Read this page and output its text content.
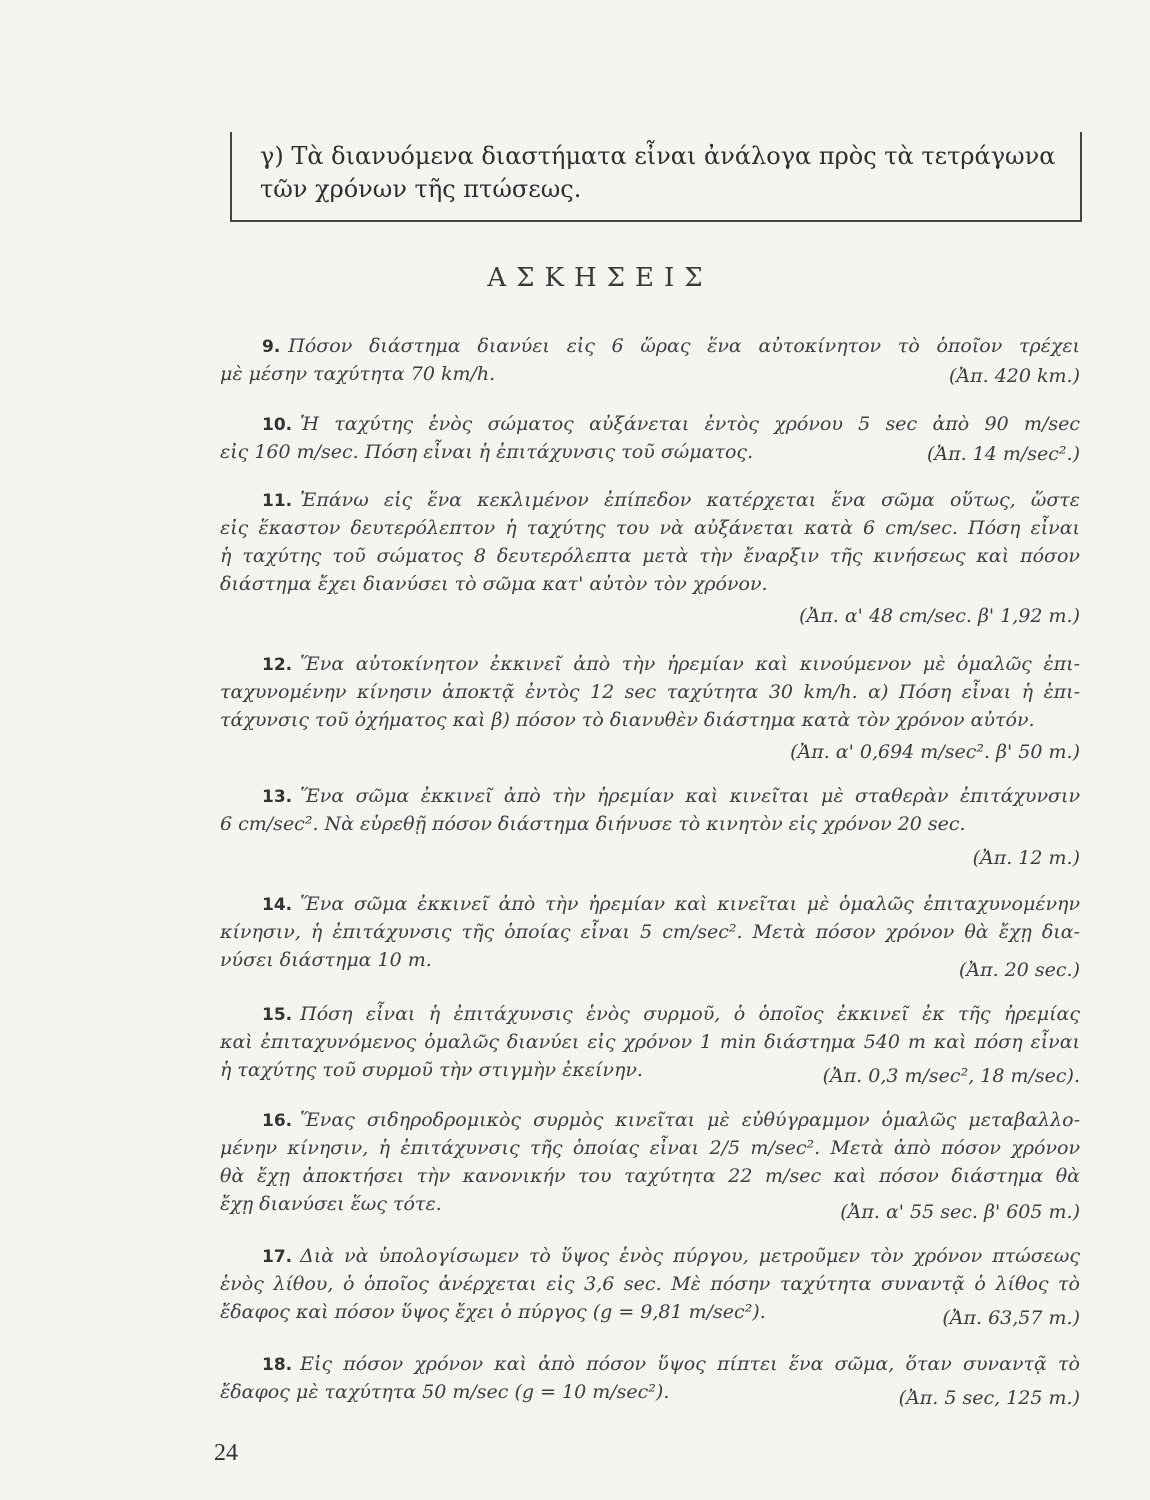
γ) Τὰ διανυόμενα διαστήματα εἶναι ἀνάλογα πρὸς τὰ τετράγωνα
τῶν χρόνων τῆς πτώσεως.
ΑΣΚΗΣΕΙΣ
9. Πόσον διάστημα διανύει εἰς 6 ὥρας ἕνα αὐτοκίνητον τὸ ὁποῖον τρέχει
μὲ μέσην ταχύτητα 70 km/h.	(Ἀπ. 420 km.)
10. Ἡ ταχύτης ἑνὸς σώματος αὐξάνεται ἐντὸς χρόνου 5 sec ἀπὸ 90 m/sec
εἰς 160 m/sec. Πόση εἶναι ἡ ἐπιτάχυνσις τοῦ σώματος.	(Ἀπ. 14 m/sec².)
11. Ἐπάνω εἰς ἕνα κεκλιμένον ἐπίπεδον κατέρχεται ἕνα σῶμα οὕτως, ὥστε
εἰς ἕκαστον δευτερόλεπτον ἡ ταχύτης του νὰ αὐξάνεται κατὰ 6 cm/sec. Πόση εἶναι
ἡ ταχύτης τοῦ σώματος 8 δευτερόλεπτα μετὰ τὴν ἔναρξιν τῆς κινήσεως καὶ πόσον
διάστημα ἔχει διανύσει τὸ σῶμα κατ' αὐτὸν τὸν χρόνον.
(Ἀπ. α' 48 cm/sec. β' 1,92 m.)
12. Ἕνα αὐτοκίνητον ἐκκινεῖ ἀπὸ τὴν ἠρεμίαν καὶ κινούμενον μὲ ὁμαλῶς ἐπι-
ταχυνομένην κίνησιν ἀποκτᾷ ἐντὸς 12 sec ταχύτητα 30 km/h. α) Πόση εἶναι ἡ ἐπι-
τάχυνσις τοῦ ὀχήματος καὶ β) πόσον τὸ διανυθὲν διάστημα κατὰ τὸν χρόνον αὐτόν.
(Ἀπ. α' 0,694 m/sec². β' 50 m.)
13. Ἕνα σῶμα ἐκκινεῖ ἀπὸ τὴν ἠρεμίαν καὶ κινεῖται μὲ σταθερὰν ἐπιτάχυνσιν
6 cm/sec². Νὰ εὑρεθῇ πόσον διάστημα διήνυσε τὸ κινητὸν εἰς χρόνον 20 sec.
(Ἀπ. 12 m.)
14. Ἕνα σῶμα ἐκκινεῖ ἀπὸ τὴν ἠρεμίαν καὶ κινεῖται μὲ ὁμαλῶς ἐπιταχυνομένην
κίνησιν, ἡ ἐπιτάχυνσις τῆς ὁποίας εἶναι 5 cm/sec². Μετὰ πόσον χρόνον θὰ ἔχῃ δια-
νύσει διάστημα 10 m.	(Ἀπ. 20 sec.)
15. Πόση εἶναι ἡ ἐπιτάχυνσις ἑνὸς συρμοῦ, ὁ ὁποῖος ἐκκινεῖ ἐκ τῆς ἠρεμίας
καὶ ἐπιταχυνόμενος ὁμαλῶς διανύει εἰς χρόνον 1 min διάστημα 540 m καὶ πόση εἶναι
ἡ ταχύτης τοῦ συρμοῦ τὴν στιγμὴν ἐκείνην.	(Ἀπ. 0,3 m/sec², 18 m/sec).
16. Ἕνας σιδηροδρομικὸς συρμὸς κινεῖται μὲ εὐθύγραμμον ὁμαλῶς μεταβαλλο-
μένην κίνησιν, ἡ ἐπιτάχυνσις τῆς ὁποίας εἶναι 2/5 m/sec². Μετὰ ἀπὸ πόσον χρόνον
θὰ ἔχῃ ἀποκτήσει τὴν κανονικήν του ταχύτητα 22 m/sec καὶ πόσον διάστημα θὰ
ἔχῃ διανύσει ἕως τότε.	(Ἀπ. α' 55 sec. β' 605 m.)
17. Διὰ νὰ ὑπολογίσωμεν τὸ ὕψος ἑνὸς πύργου, μετροῦμεν τὸν χρόνον πτώσεως
ἑνὸς λίθου, ὁ ὁποῖος ἀνέρχεται εἰς 3,6 sec. Μὲ πόσην ταχύτητα συναντᾷ ὁ λίθος τὸ
ἔδαφος καὶ πόσον ὕψος ἔχει ὁ πύργος (g = 9,81 m/sec²).	(Ἀπ. 63,57 m.)
18. Εἰς πόσον χρόνον καὶ ἀπὸ πόσον ὕψος πίπτει ἕνα σῶμα, ὅταν συναντᾷ τὸ
ἔδαφος μὲ ταχύτητα 50 m/sec (g = 10 m/sec²).	(Ἀπ. 5 sec, 125 m.)
24
